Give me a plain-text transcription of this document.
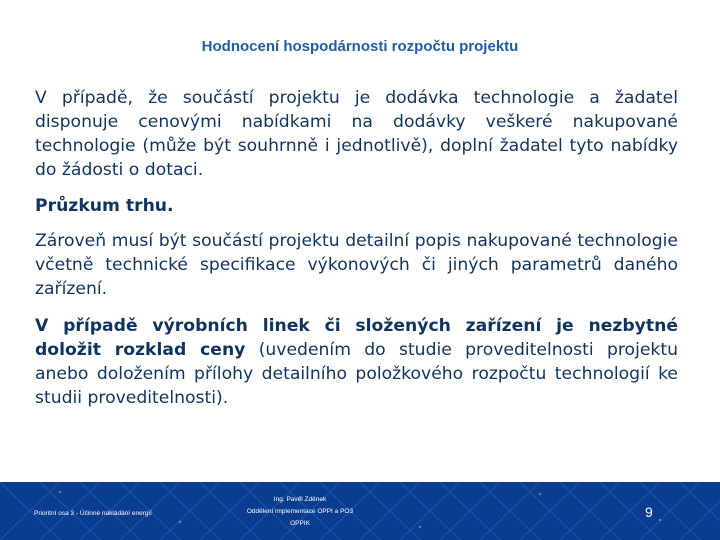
Hodnocení hospodárnosti rozpočtu projektu

V případě, že součástí projektu je dodávka technologie a žadatel disponuje cenovými nabídkami na dodávky veškeré nakupované technologie (může být souhrnně i jednotlivě), doplní žadatel tyto nabídky do žádosti o dotaci.

Průzkum trhu.

Zároveň musí být součástí projektu detailní popis nakupované technologie včetně technické specifikace výkonových či jiných parametrů daného zařízení.

V případě výrobních linek či složených zařízení je nezbytné doložit rozklad ceny (uvedením do studie proveditelnosti projektu anebo doložením přílohy detailního položkového rozpočtu technologií ke studii proveditelnosti).

Prioritní osa 3 - Účinné nakládání energií
Ing. Pavel Zděnek
Oddělení implementace OPPI a PO3
OPPIK
9
